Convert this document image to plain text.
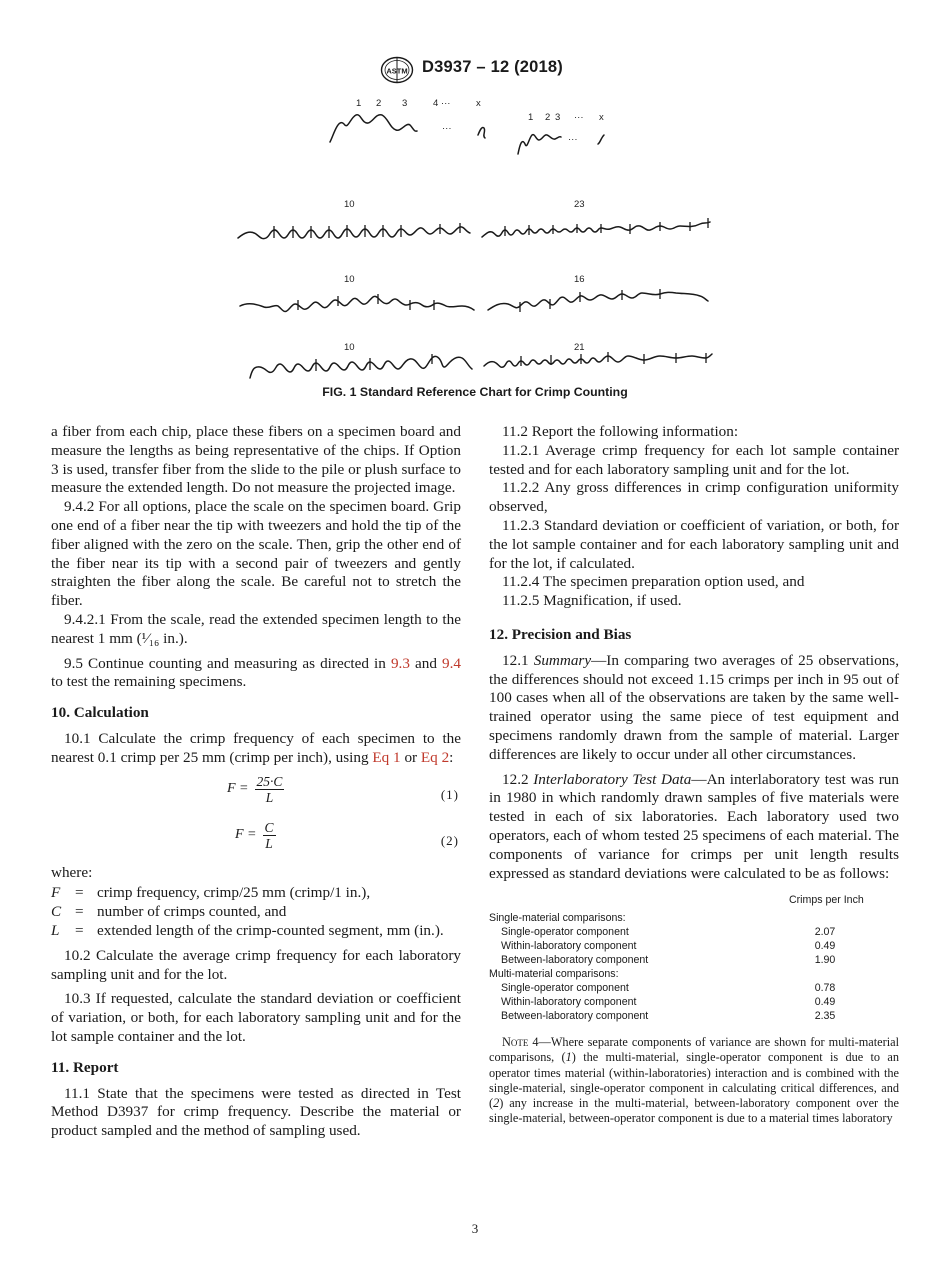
ASTM D3937 – 12 (2018)
···
···
1 2 3	4 ···	x
1 2 3 ··· x
10	23
10	16
10	21
FIG. 1 Standard Reference Chart for Crimp Counting

a fiber from each chip, place these fibers on a specimen board and measure the lengths as being representative of the chips. If Option 3 is used, transfer fiber from the slide to the pile or plush surface to measure the extended length. Do not measure the projected image.

9.4.2 For all options, place the scale on the specimen board. Grip one end of a fiber near the tip with tweezers and hold the tip of the fiber aligned with the zero on the scale. Then, grip the other end of the fiber near its tip with a second pair of tweezers and gently straighten the fiber along the scale. Be careful not to stretch the fiber.

9.4.2.1 From the scale, read the extended specimen length to the nearest 1 mm (¹⁄₁₆ in.).

9.5 Continue counting and measuring as directed in 9.3 and 9.4 to test the remaining specimens.

10. Calculation

10.1 Calculate the crimp frequency of each specimen to the nearest 0.1 crimp per 25 mm (crimp per inch), using Eq 1 or Eq 2:

$F = \frac{25\cdot C}{L}$	(1)
$F = \frac{C}{L}$	(2)

where:

F = crimp frequency, crimp/25 mm (crimp/1 in.),
C = number of crimps counted, and
L	= extended length of the crimp-counted segment, mm (in.).

10.2 Calculate the average crimp frequency for each laboratory sampling unit and for the lot.

10.3 If requested, calculate the standard deviation or coefficient of variation, or both, for each laboratory sampling unit and for the lot sample container and the lot.

11. Report

11.1 State that the specimens were tested as directed in Test Method D3937 for crimp frequency. Describe the material or product sampled and the method of sampling used.

11.2 Report the following information:

11.2.1 Average crimp frequency for each lot sample container tested and for each laboratory sampling unit and for the lot.

11.2.2 Any gross differences in crimp configuration uniformity observed,

11.2.3 Standard deviation or coefficient of variation, or both, for the lot sample container and for each laboratory sampling unit and for the lot, if calculated.

11.2.4 The specimen preparation option used, and

11.2.5 Magnification, if used.

12. Precision and Bias

12.1 Summary—In comparing two averages of 25 observations, the differences should not exceed 1.15 crimps per inch in 95 out of 100 cases when all of the observations are taken by the same well-trained operator using the same piece of test equipment and specimens randomly drawn from the sample of material. Larger differences are likely to occur under all other circumstances.

12.2 Interlaboratory Test Data—An interlaboratory test was run in 1980 in which randomly drawn samples of five materials were tested in each of six laboratories. Each laboratory used two operators, each of whom tested 25 specimens of each material. The components of variance for crimps per unit length results expressed as standard deviations were calculated to be as follows:

Crimps per Inch
Single-material comparisons:
Single-operator component	2.07
Within-laboratory component	0.49
Between-laboratory component	1.90
Multi-material comparisons:
Single-operator component	0.78
Within-laboratory component	0.49
Between-laboratory component	2.35
Note 4—Where separate components of variance are shown for multi-material comparisons, (1) the multi-material, single-operator component is due to an operator times material (within-laboratories) interaction and is combined with the single-material, single-operator component in calculating critical differences, and (2) any increase in the multi-material, between-laboratory component over the single-material, between-operator component is due to a material times laboratory
3
